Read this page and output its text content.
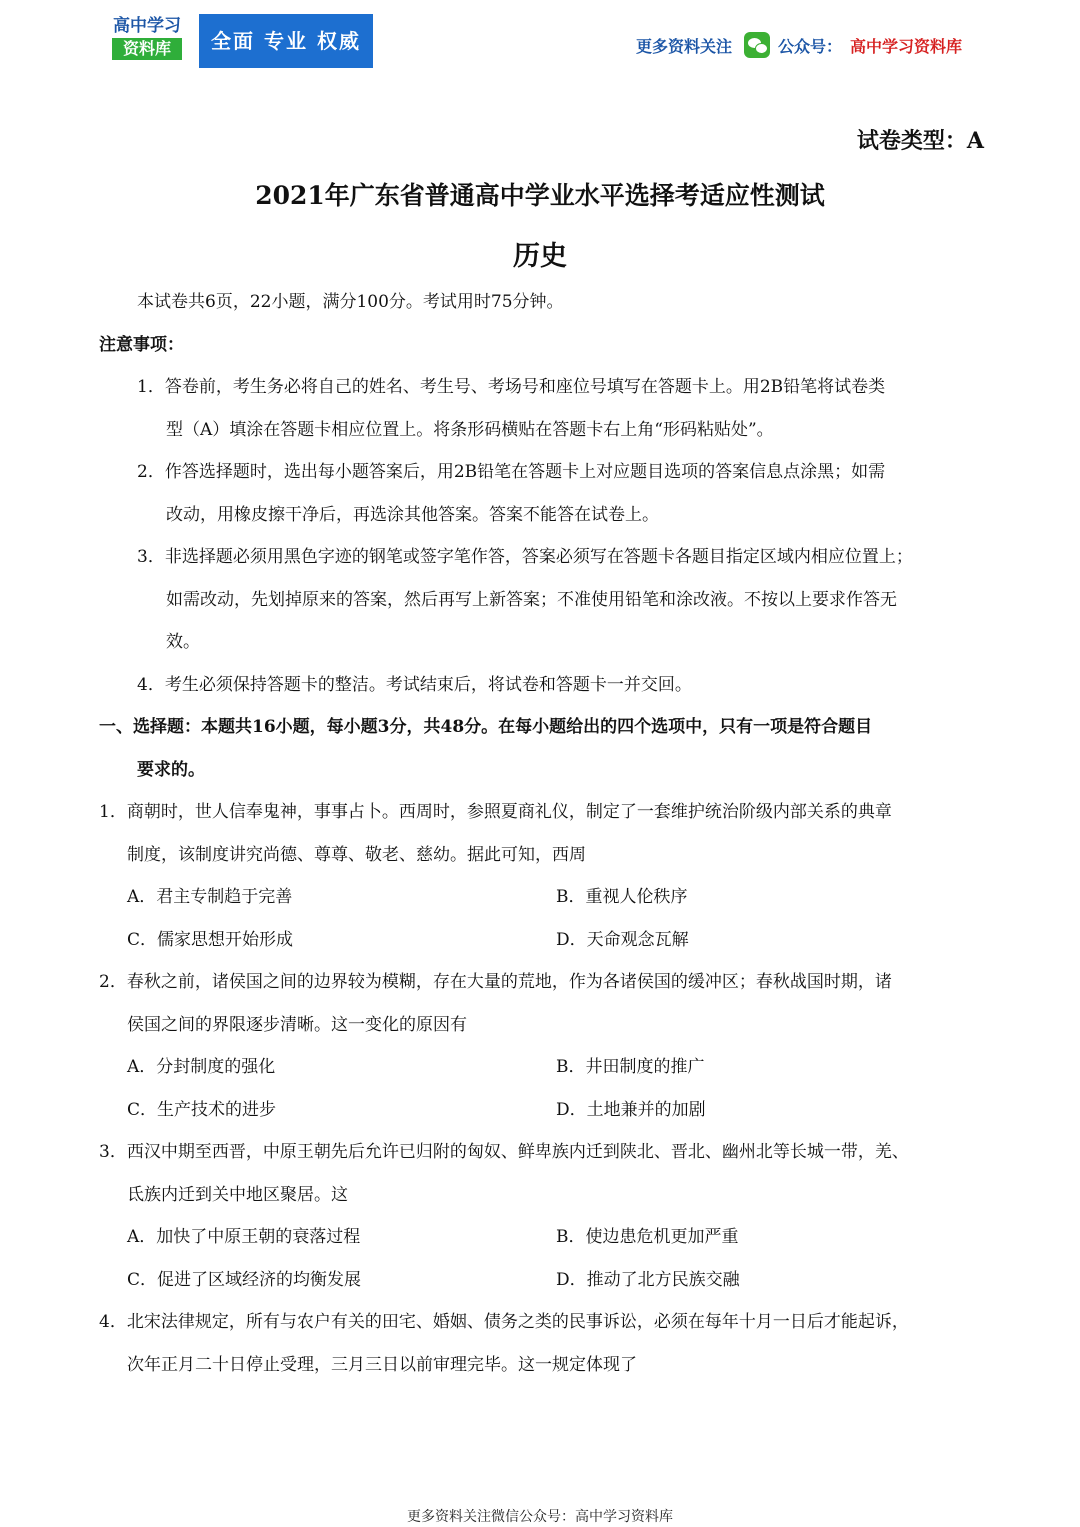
高中学习
资料库	全面 专业 权威	更多资料关注	公众号： 高中学习资料库
试卷类型：A
2021年广东省普通高中学业水平选择考适应性测试
历史
本试卷共6页，22小题，满分100分。考试用时75分钟。
注意事项：
1．答卷前，考生务必将自己的姓名、考生号、考场号和座位号填写在答题卡上。用2B铅笔将试卷类
型（A）填涂在答题卡相应位置上。将条形码横贴在答题卡右上角“形码粘贴处”。
2．作答选择题时，选出每小题答案后，用2B铅笔在答题卡上对应题目选项的答案信息点涂黑；如需
改动，用橡皮擦干净后，再选涂其他答案。答案不能答在试卷上。
3．非选择题必须用黑色字迹的钢笔或签字笔作答，答案必须写在答题卡各题目指定区域内相应位置上；
如需改动，先划掉原来的答案，然后再写上新答案；不准使用铅笔和涂改液。不按以上要求作答无
效。
4．考生必须保持答题卡的整洁。考试结束后，将试卷和答题卡一并交回。
一、选择题：本题共16小题，每小题3分，共48分。在每小题给出的四个选项中，只有一项是符合题目
要求的。
1．商朝时，世人信奉鬼神，事事占卜。西周时，参照夏商礼仪，制定了一套维护统治阶级内部关系的典章
制度，该制度讲究尚德、尊尊、敬老、慈幼。据此可知，西周
A．君主专制趋于完善	B．重视人伦秩序
C．儒家思想开始形成	D．天命观念瓦解
2．春秋之前，诸侯国之间的边界较为模糊，存在大量的荒地，作为各诸侯国的缓冲区；春秋战国时期，诸
侯国之间的界限逐步清晰。这一变化的原因有
A．分封制度的强化	B．井田制度的推广
C．生产技术的进步	D．土地兼并的加剧
3．西汉中期至西晋，中原王朝先后允许已归附的匈奴、鲜卑族内迁到陕北、晋北、幽州北等长城一带，羌、
氐族内迁到关中地区聚居。这
A．加快了中原王朝的衰落过程	B．使边患危机更加严重
C．促进了区域经济的均衡发展	D．推动了北方民族交融
4．北宋法律规定，所有与农户有关的田宅、婚姻、债务之类的民事诉讼，必须在每年十月一日后才能起诉，
次年正月二十日停止受理，三月三日以前审理完毕。这一规定体现了
更多资料关注微信公众号：高中学习资料库
